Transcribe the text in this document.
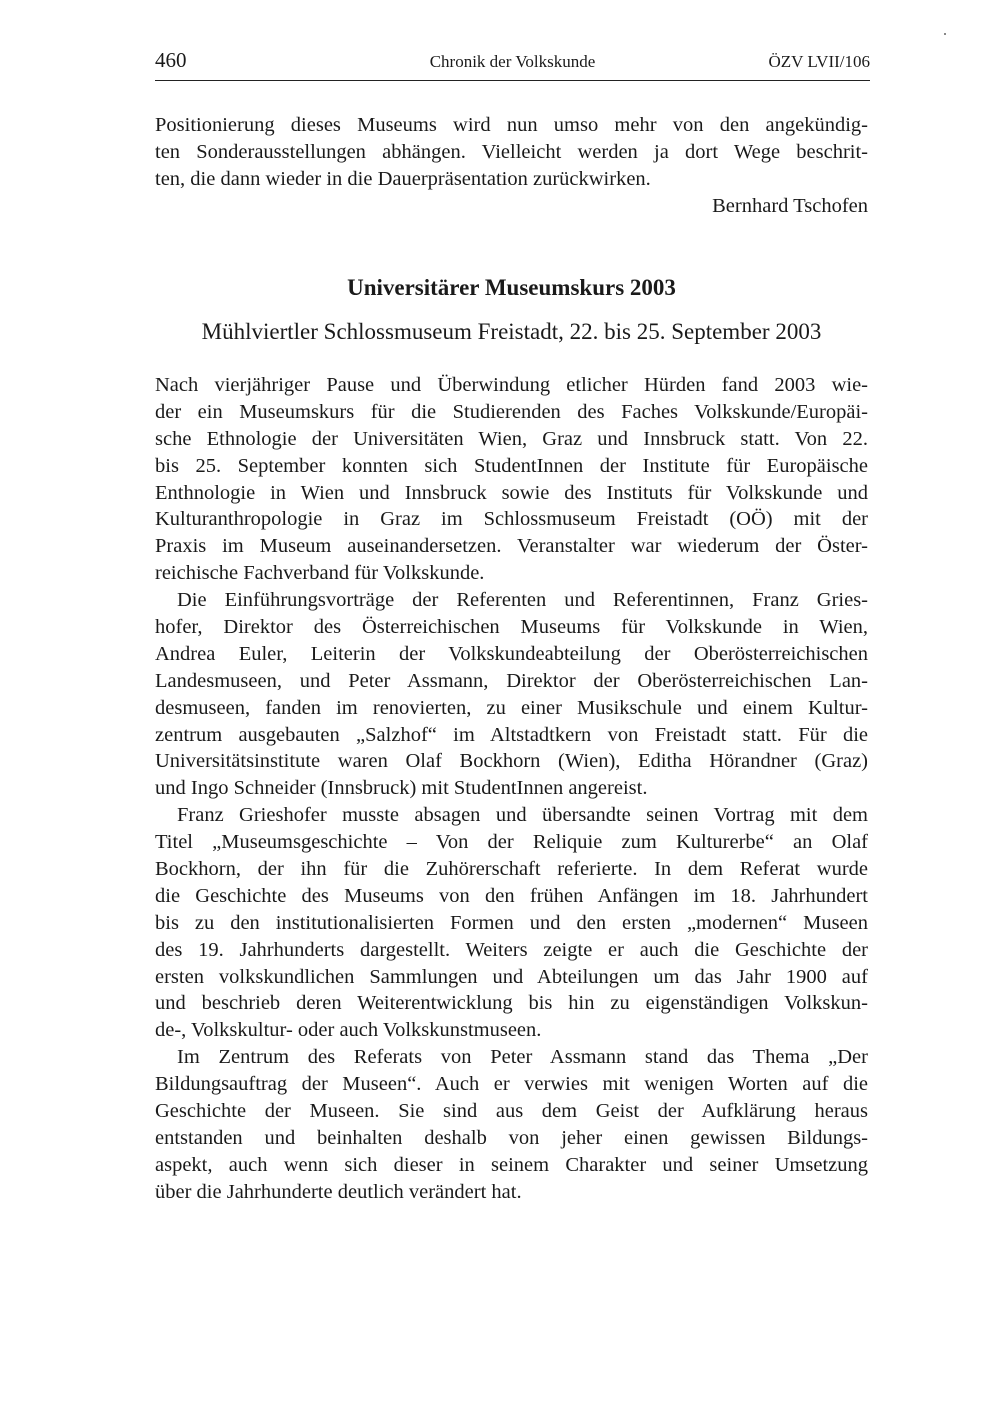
460	Chronik der Volkskunde	ÖZV LVII/106
Positionierung dieses Museums wird nun umso mehr von den angekündig-
ten Sonderausstellungen abhängen. Vielleicht werden ja dort Wege beschrit-
ten, die dann wieder in die Dauerpräsentation zurückwirken.
Bernhard Tschofen
Universitärer Museumskurs 2003
Mühlviertler Schlossmuseum Freistadt, 22. bis 25. September 2003
Nach vierjähriger Pause und Überwindung etlicher Hürden fand 2003 wie-
der ein Museumskurs für die Studierenden des Faches Volkskunde/Europäi-
sche Ethnologie der Universitäten Wien, Graz und Innsbruck statt. Von 22.
bis 25. September konnten sich StudentInnen der Institute für Europäische
Enthnologie in Wien und Innsbruck sowie des Instituts für Volkskunde und
Kulturanthropologie in Graz im Schlossmuseum Freistadt (OÖ) mit der
Praxis im Museum auseinandersetzen. Veranstalter war wiederum der Öster-
reichische Fachverband für Volkskunde.
Die Einführungsvorträge der Referenten und Referentinnen, Franz Gries-
hofer, Direktor des Österreichischen Museums für Volkskunde in Wien,
Andrea Euler, Leiterin der Volkskundeabteilung der Oberösterreichischen
Landesmuseen, und Peter Assmann, Direktor der Oberösterreichischen Lan-
desmuseen, fanden im renovierten, zu einer Musikschule und einem Kultur-
zentrum ausgebauten „Salzhof“ im Altstadtkern von Freistadt statt. Für die
Universitätsinstitute waren Olaf Bockhorn (Wien), Editha Hörandner (Graz)
und Ingo Schneider (Innsbruck) mit StudentInnen angereist.
Franz Grieshofer musste absagen und übersandte seinen Vortrag mit dem
Titel „Museumsgeschichte – Von der Reliquie zum Kulturerbe“ an Olaf
Bockhorn, der ihn für die Zuhörerschaft referierte. In dem Referat wurde
die Geschichte des Museums von den frühen Anfängen im 18. Jahrhundert
bis zu den institutionalisierten Formen und den ersten „modernen“ Museen
des 19. Jahrhunderts dargestellt. Weiters zeigte er auch die Geschichte der
ersten volkskundlichen Sammlungen und Abteilungen um das Jahr 1900 auf
und beschrieb deren Weiterentwicklung bis hin zu eigenständigen Volkskun-
de-, Volkskultur- oder auch Volkskunstmuseen.
Im Zentrum des Referats von Peter Assmann stand das Thema „Der
Bildungsauftrag der Museen“. Auch er verwies mit wenigen Worten auf die
Geschichte der Museen. Sie sind aus dem Geist der Aufklärung heraus
entstanden und beinhalten deshalb von jeher einen gewissen Bildungs-
aspekt, auch wenn sich dieser in seinem Charakter und seiner Umsetzung
über die Jahrhunderte deutlich verändert hat.
